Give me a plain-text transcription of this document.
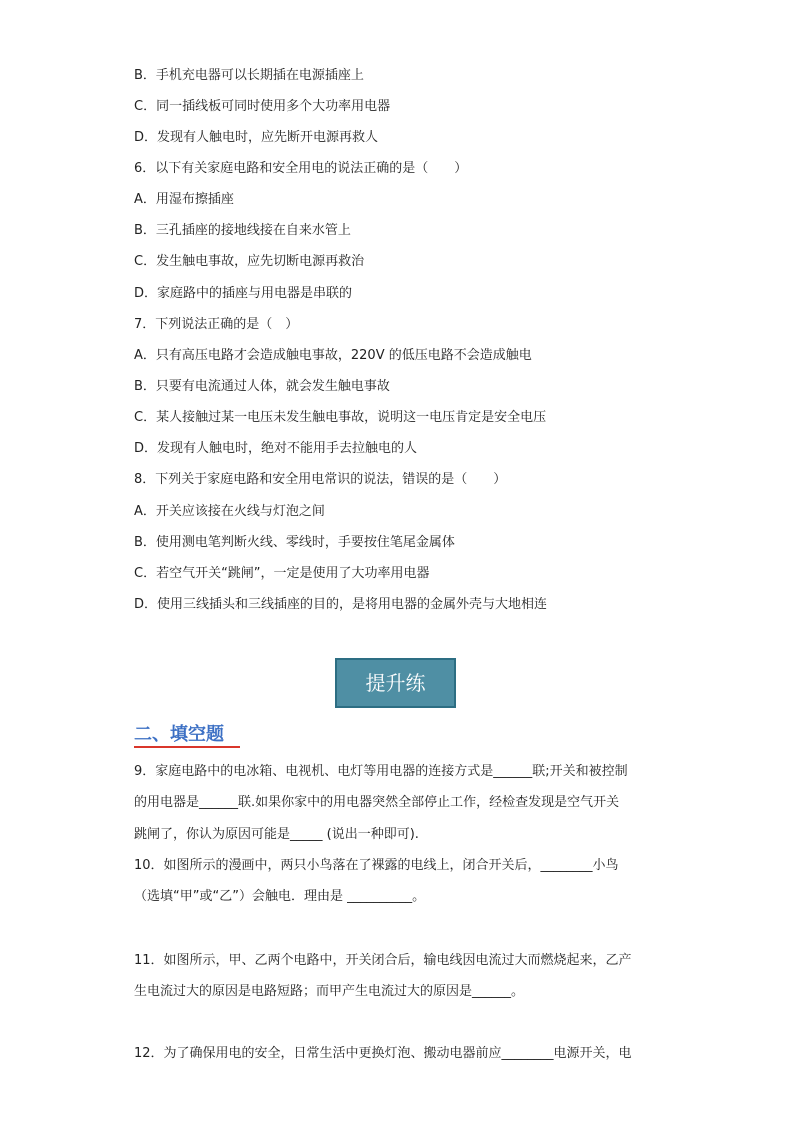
B．手机充电器可以长期插在电源插座上
C．同一插线板可同时使用多个大功率用电器
D．发现有人触电时，应先断开电源再救人
6．以下有关家庭电路和安全用电的说法正确的是（　　）
A．用湿布擦插座
B．三孔插座的接地线接在自来水管上
C．发生触电事故，应先切断电源再救治
D．家庭路中的插座与用电器是串联的
7．下列说法正确的是（　）
A．只有高压电路才会造成触电事故，220V 的低压电路不会造成触电
B．只要有电流通过人体，就会发生触电事故
C．某人接触过某一电压未发生触电事故，说明这一电压肯定是安全电压
D．发现有人触电时，绝对不能用手去拉触电的人
8．下列关于家庭电路和安全用电常识的说法，错误的是（　　）
A．开关应该接在火线与灯泡之间
B．使用测电笔判断火线、零线时，手要按住笔尾金属体
C．若空气开关“跳闸”，一定是使用了大功率用电器
D．使用三线插头和三线插座的目的，是将用电器的金属外壳与大地相连
提升练
二、填空题
9．家庭电路中的电冰箱、电视机、电灯等用电器的连接方式是______联;开关和被控制
的用电器是______联.如果你家中的用电器突然全部停止工作，经检查发现是空气开关
跳闸了，你认为原因可能是_____ (说出一种即可).
10．如图所示的漫画中，两只小鸟落在了裸露的电线上，闭合开关后，________小鸟
（选填“甲”或“乙”）会触电．理由是 __________。
11．如图所示，甲、乙两个电路中，开关闭合后，输电线因电流过大而燃烧起来，乙产
生电流过大的原因是电路短路；而甲产生电流过大的原因是______。
12．为了确保用电的安全，日常生活中更换灯泡、搬动电器前应________电源开关，电
